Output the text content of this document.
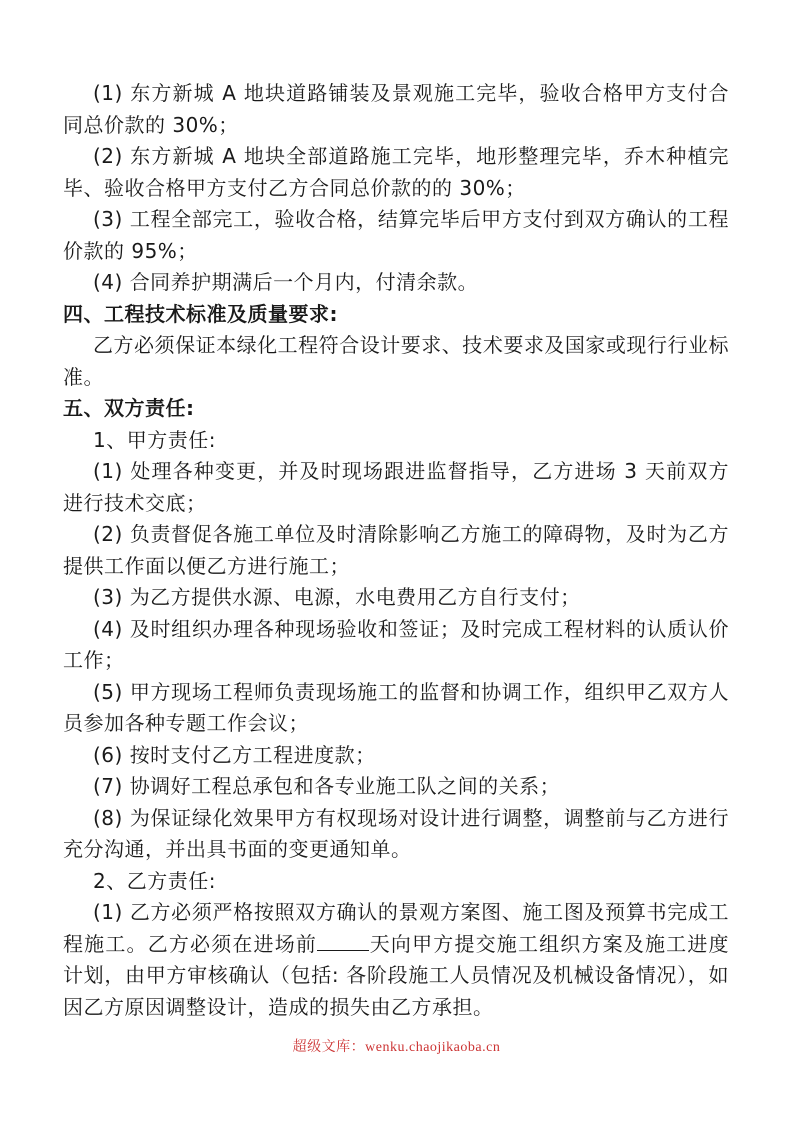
(1) 东方新城 A 地块道路铺装及景观施工完毕，验收合格甲方支付合同总价款的 30%；

(2) 东方新城 A 地块全部道路施工完毕，地形整理完毕，乔木种植完毕、验收合格甲方支付乙方合同总价款的的 30%；

(3) 工程全部完工，验收合格，结算完毕后甲方支付到双方确认的工程价款的 95%；

(4) 合同养护期满后一个月内，付清余款。

四、工程技术标准及质量要求:

乙方必须保证本绿化工程符合设计要求、技术要求及国家或现行行业标准。

五、双方责任:

1、甲方责任:

(1) 处理各种变更，并及时现场跟进监督指导，乙方进场 3 天前双方进行技术交底；

(2) 负责督促各施工单位及时清除影响乙方施工的障碍物，及时为乙方提供工作面以便乙方进行施工；

(3) 为乙方提供水源、电源，水电费用乙方自行支付；

(4) 及时组织办理各种现场验收和签证；及时完成工程材料的认质认价工作；

(5) 甲方现场工程师负责现场施工的监督和协调工作，组织甲乙双方人员参加各种专题工作会议；

(6) 按时支付乙方工程进度款；

(7) 协调好工程总承包和各专业施工队之间的关系；

(8) 为保证绿化效果甲方有权现场对设计进行调整，调整前与乙方进行充分沟通，并出具书面的变更通知单。

2、乙方责任:

(1) 乙方必须严格按照双方确认的景观方案图、施工图及预算书完成工程施工。乙方必须在进场前	天向甲方提交施工组织方案及施工进度计划，由甲方审核确认（包括: 各阶段施工人员情况及机械设备情况），如因乙方原因调整设计，造成的损失由乙方承担。

超级文库：wenku.chaojikaoba.cn
